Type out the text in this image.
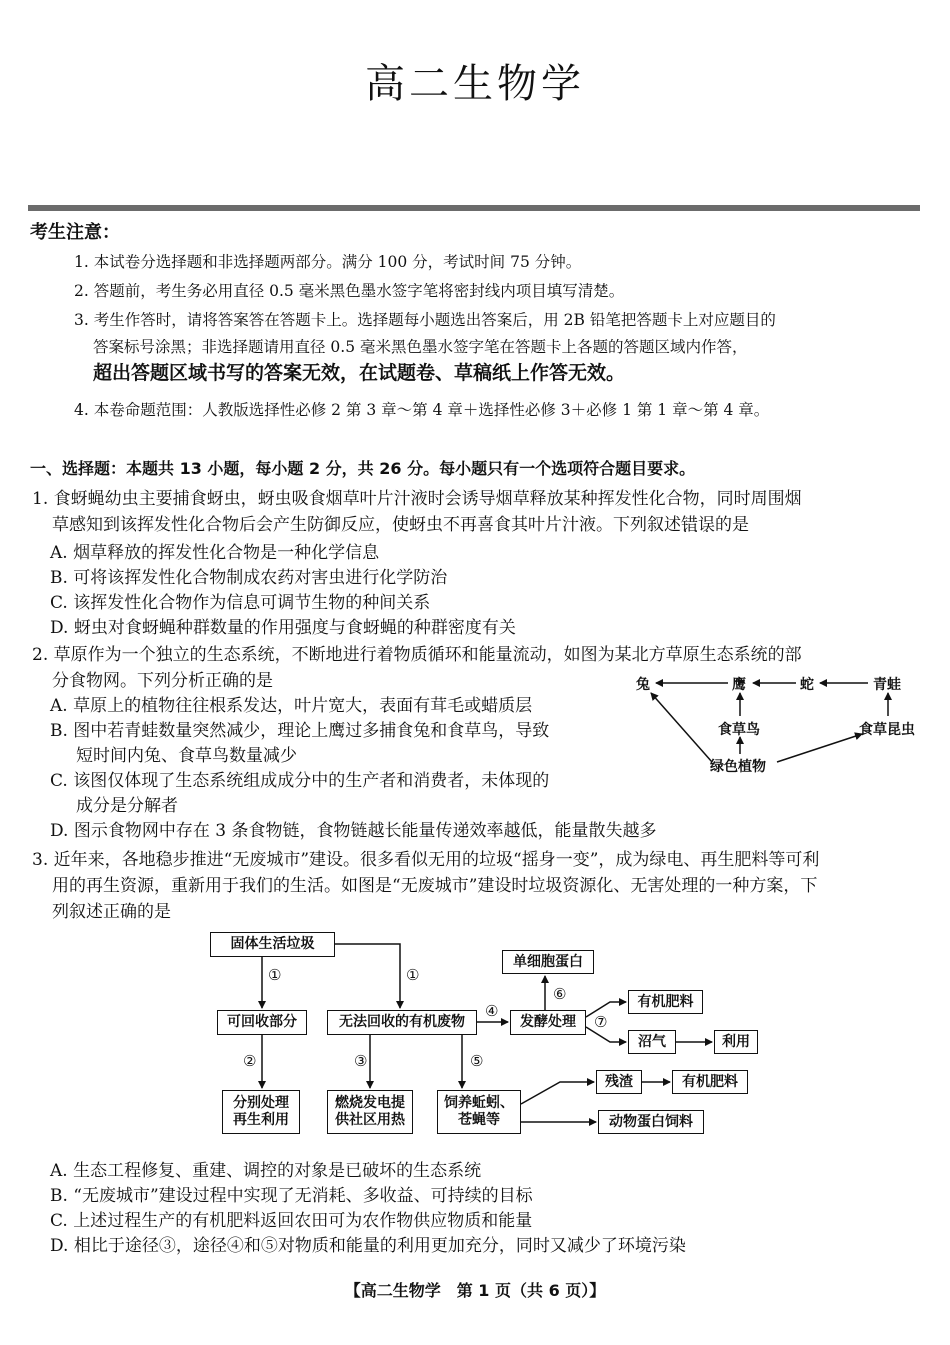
高二生物学
考生注意：
1. 本试卷分选择题和非选择题两部分。满分 100 分，考试时间 75 分钟。
2. 答题前，考生务必用直径 0.5 毫米黑色墨水签字笔将密封线内项目填写清楚。
3. 考生作答时，请将答案答在答题卡上。选择题每小题选出答案后，用 2B 铅笔把答题卡上对应题目的
答案标号涂黑；非选择题请用直径 0.5 毫米黑色墨水签字笔在答题卡上各题的答题区域内作答，
超出答题区域书写的答案无效，在试题卷、草稿纸上作答无效。
4. 本卷命题范围：人教版选择性必修 2 第 3 章～第 4 章＋选择性必修 3＋必修 1 第 1 章～第 4 章。
一、选择题：本题共 13 小题，每小题 2 分，共 26 分。每小题只有一个选项符合题目要求。
1. 食蚜蝇幼虫主要捕食蚜虫，蚜虫吸食烟草叶片汁液时会诱导烟草释放某种挥发性化合物，同时周围烟
草感知到该挥发性化合物后会产生防御反应，使蚜虫不再喜食其叶片汁液。下列叙述错误 · · ·的是
A. 烟草释放的挥发性化合物是一种化学信息
B. 可将该挥发性化合物制成农药对害虫进行化学防治
C. 该挥发性化合物作为信息可调节生物的种间关系
D. 蚜虫对食蚜蝇种群数量的作用强度与食蚜蝇的种群密度有关
2. 草原作为一个独立的生态系统，不断地进行着物质循环和能量流动，如图为某北方草原生态系统的部
分食物网。下列分析正确的是
A. 草原上的植物往往根系发达，叶片宽大，表面有茸毛或蜡质层
B. 图中若青蛙数量突然减少，理论上鹰过多捕食兔和食草鸟，导致
短时间内兔、食草鸟数量减少
C. 该图仅体现了生态系统组成成分中的生产者和消费者，未体现的
成分是分解者
D. 图示食物网中存在 3 条食物链，食物链越长能量传递效率越低，能量散失越多
兔	鹰	蛇	青蛙
食草鸟	食草昆虫
绿色植物
3. 近年来，各地稳步推进“无废城市”建设。很多看似无用的垃圾“摇身一变”，成为绿电、再生肥料等可利
用的再生资源，重新用于我们的生活。如图是“无废城市”建设时垃圾资源化、无害处理的一种方案，下
列叙述正确的是
固体生活垃圾
可回收部分	无法回收的有机废物	发酵处理
单细胞蛋白
有机肥料
沼气	利用
分别处理
再生利用
燃烧发电提
供社区用热
饲养蚯蚓、
苍蝇等
残渣	有机肥料
动物蛋白饲料
①	①
②	③
④
⑤
⑥
⑦
A. 生态工程修复、重建、调控的对象是已破坏的生态系统
B. “无废城市”建设过程中实现了无消耗、多收益、可持续的目标
C. 上述过程生产的有机肥料返回农田可为农作物供应物质和能量
D. 相比于途径③，途径④和⑤对物质和能量的利用更加充分，同时又减少了环境污染
【高二生物学　第 1 页（共 6 页）】
